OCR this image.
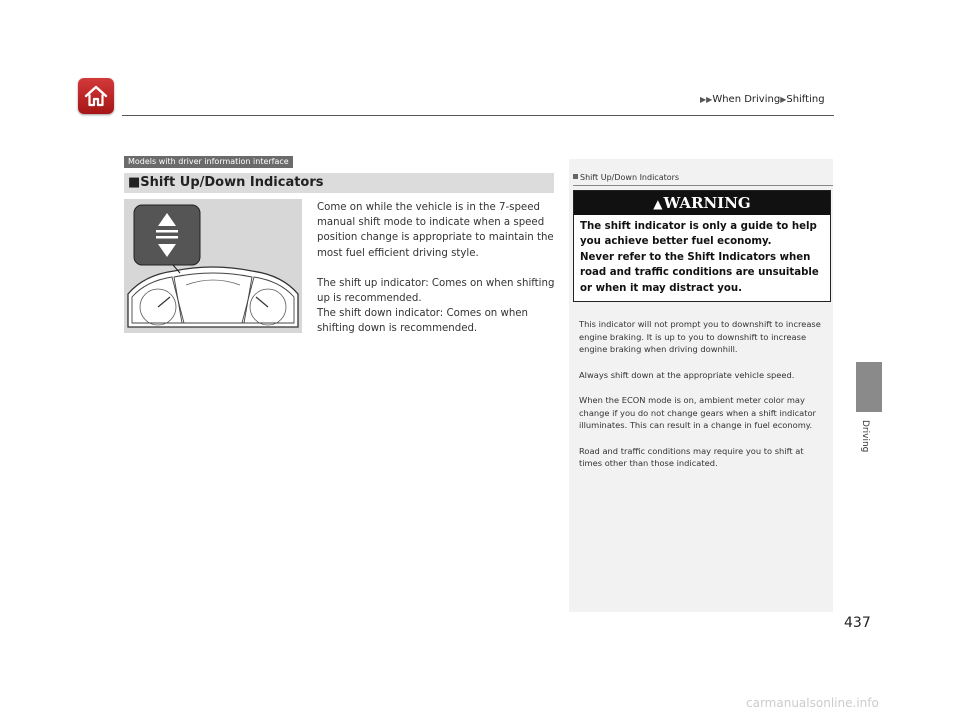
▶▶When Driving▶Shifting
Driving
437
Models with driver information interface
■Shift Up/Down Indicators

Come on while the vehicle is in the 7-speed manual shift mode to indicate when a speed position change is appropriate to maintain the most fuel efficient driving style.

The shift up indicator: Comes on when shifting up is recommended.
The shift down indicator: Comes on when shifting down is recommended.

Shift Up/Down Indicators
▲WARNING
The shift indicator is only a guide to help you achieve better fuel economy.
Never refer to the Shift Indicators when road and traffic conditions are unsuitable or when it may distract you.

This indicator will not prompt you to downshift to increase engine braking. It is up to you to downshift to increase engine braking when driving downhill.

Always shift down at the appropriate vehicle speed.

When the ECON mode is on, ambient meter color may change if you do not change gears when a shift indicator illuminates. This can result in a change in fuel economy.

Road and traffic conditions may require you to shift at times other than those indicated.

carmanualsonline.info
